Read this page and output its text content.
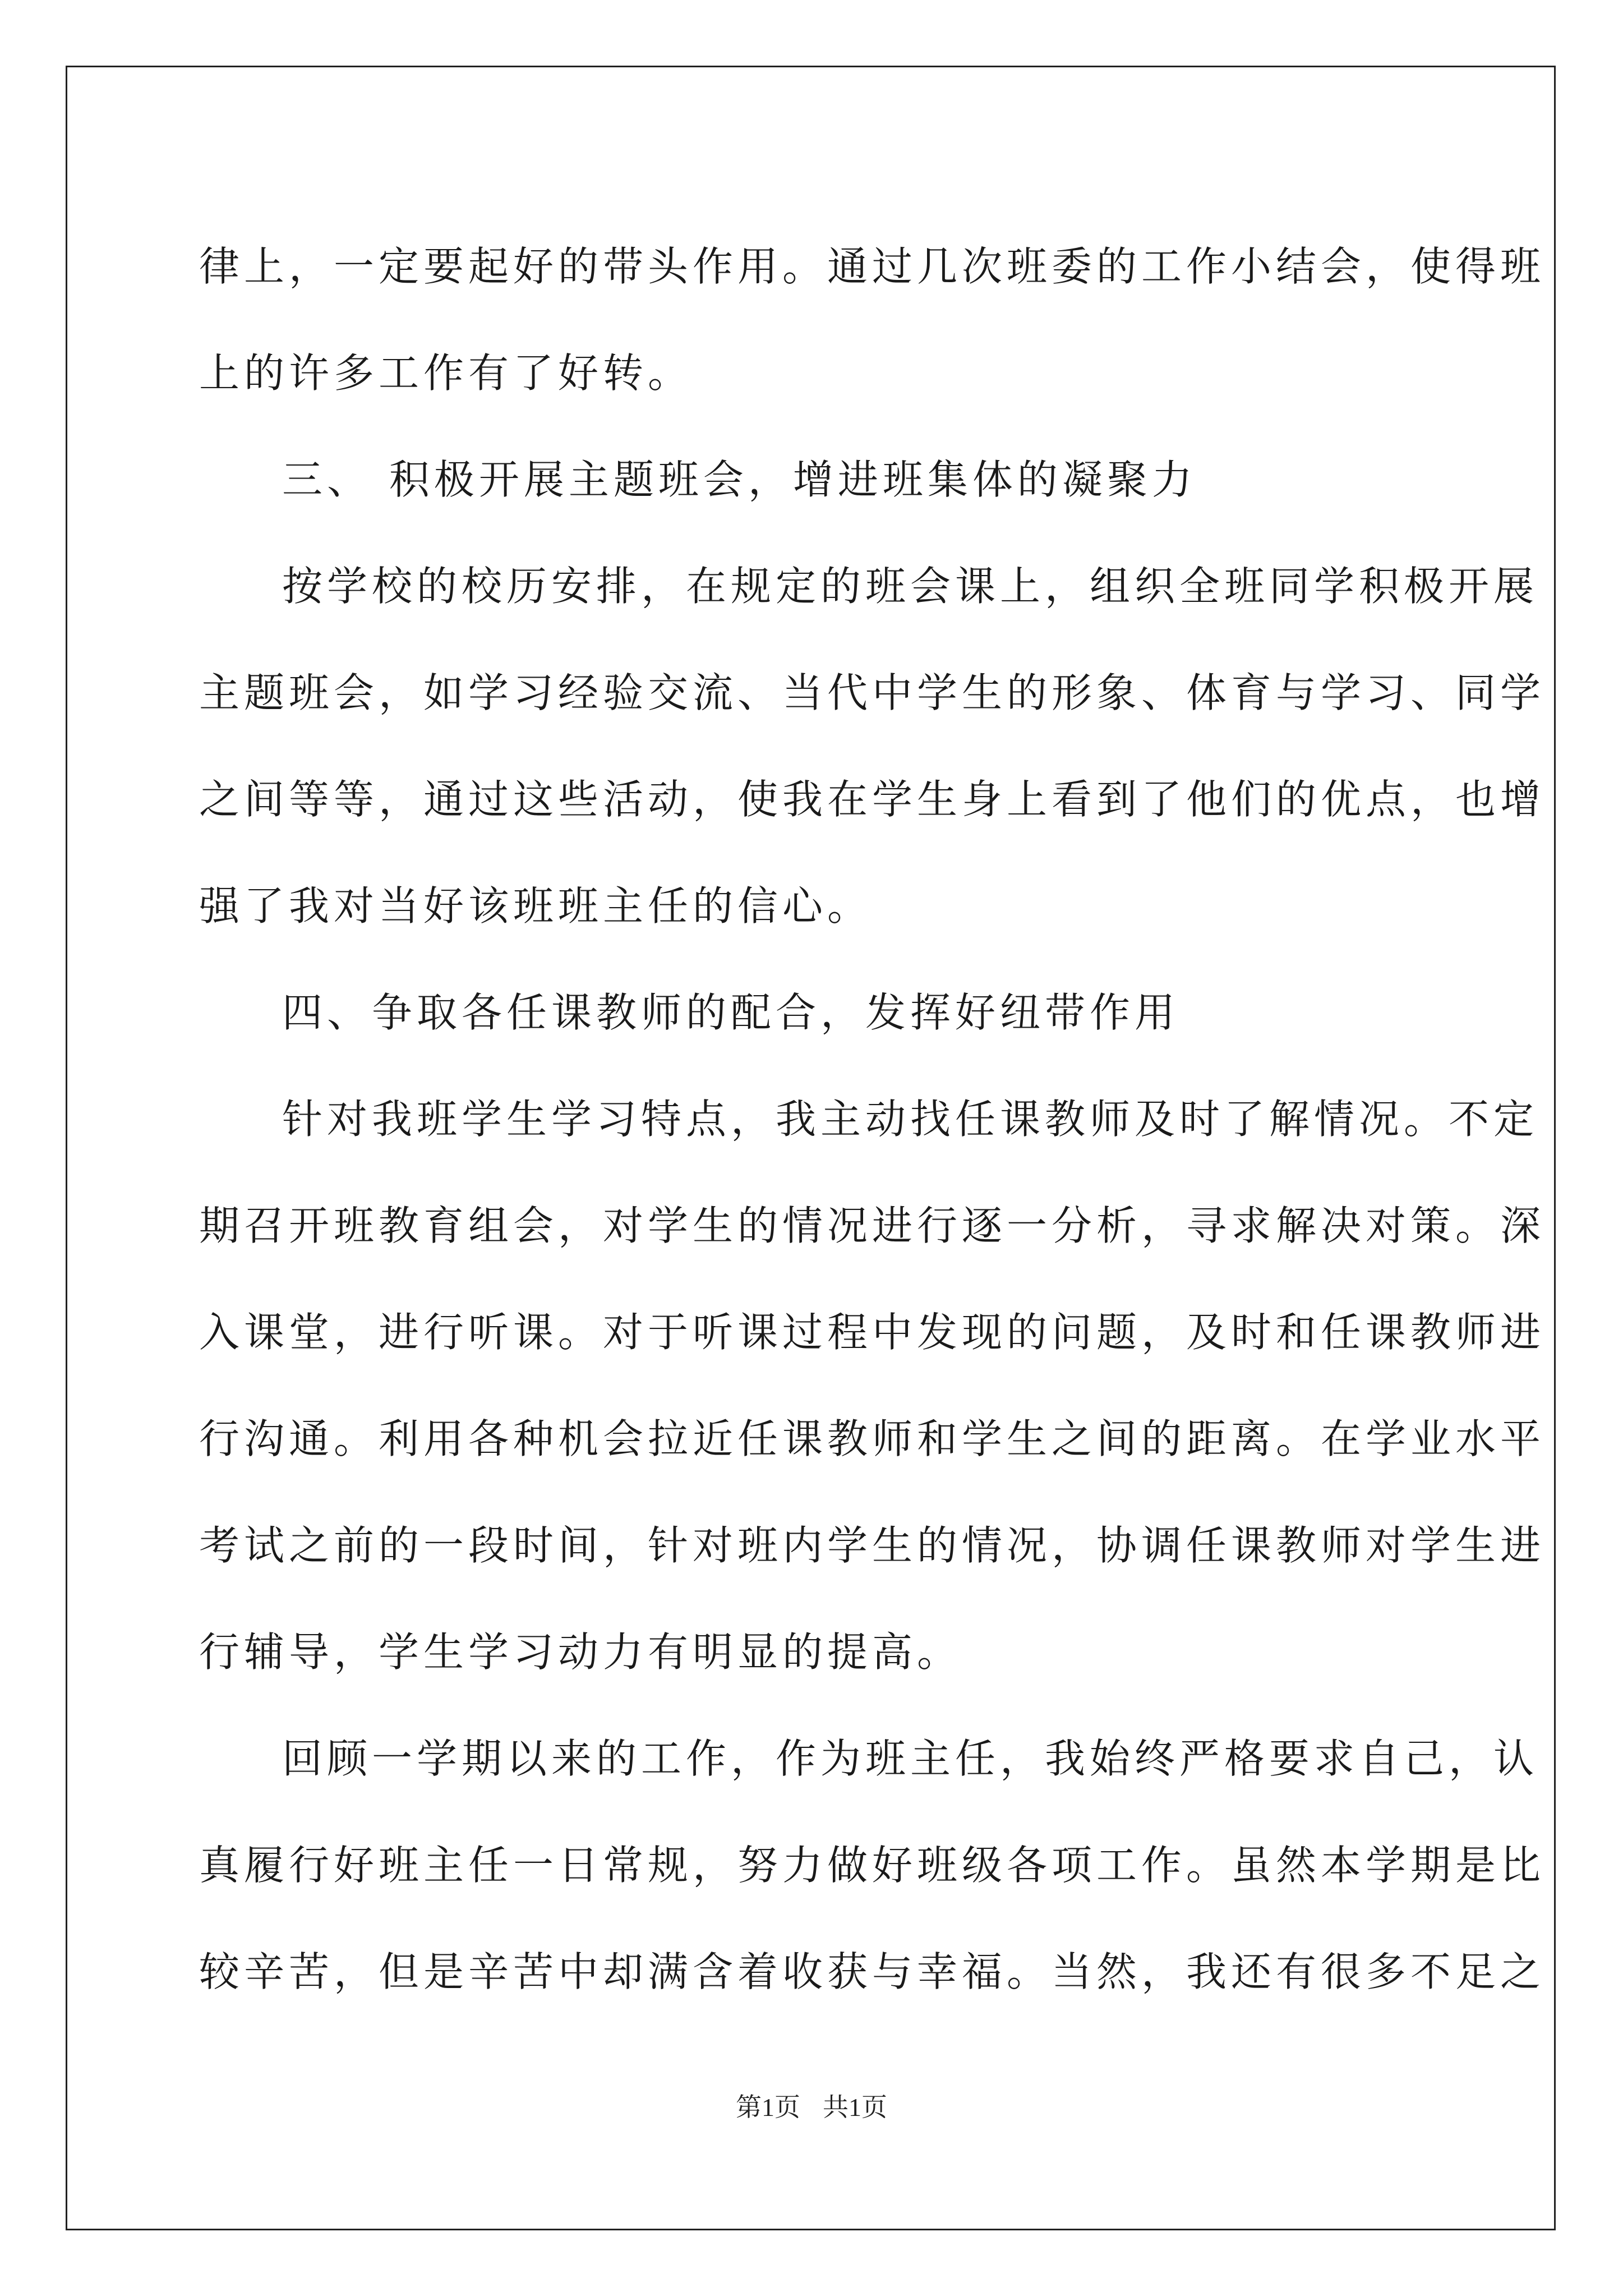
律上，一定要起好的带头作用。通过几次班委的工作小结会，使得班
上的许多工作有了好转。
三、 积极开展主题班会，增进班集体的凝聚力
按学校的校历安排，在规定的班会课上，组织全班同学积极开展
主题班会，如学习经验交流、当代中学生的形象、体育与学习、同学
之间等等，通过这些活动，使我在学生身上看到了他们的优点，也增
强了我对当好该班班主任的信心。
四、争取各任课教师的配合，发挥好纽带作用
针对我班学生学习特点，我主动找任课教师及时了解情况。不定
期召开班教育组会，对学生的情况进行逐一分析，寻求解决对策。深
入课堂，进行听课。对于听课过程中发现的问题，及时和任课教师进
行沟通。利用各种机会拉近任课教师和学生之间的距离。在学业水平
考试之前的一段时间，针对班内学生的情况，协调任课教师对学生进
行辅导，学生学习动力有明显的提高。
回顾一学期以来的工作，作为班主任，我始终严格要求自己，认
真履行好班主任一日常规，努力做好班级各项工作。虽然本学期是比
较辛苦，但是辛苦中却满含着收获与幸福。当然，我还有很多不足之
第1页 共1页
